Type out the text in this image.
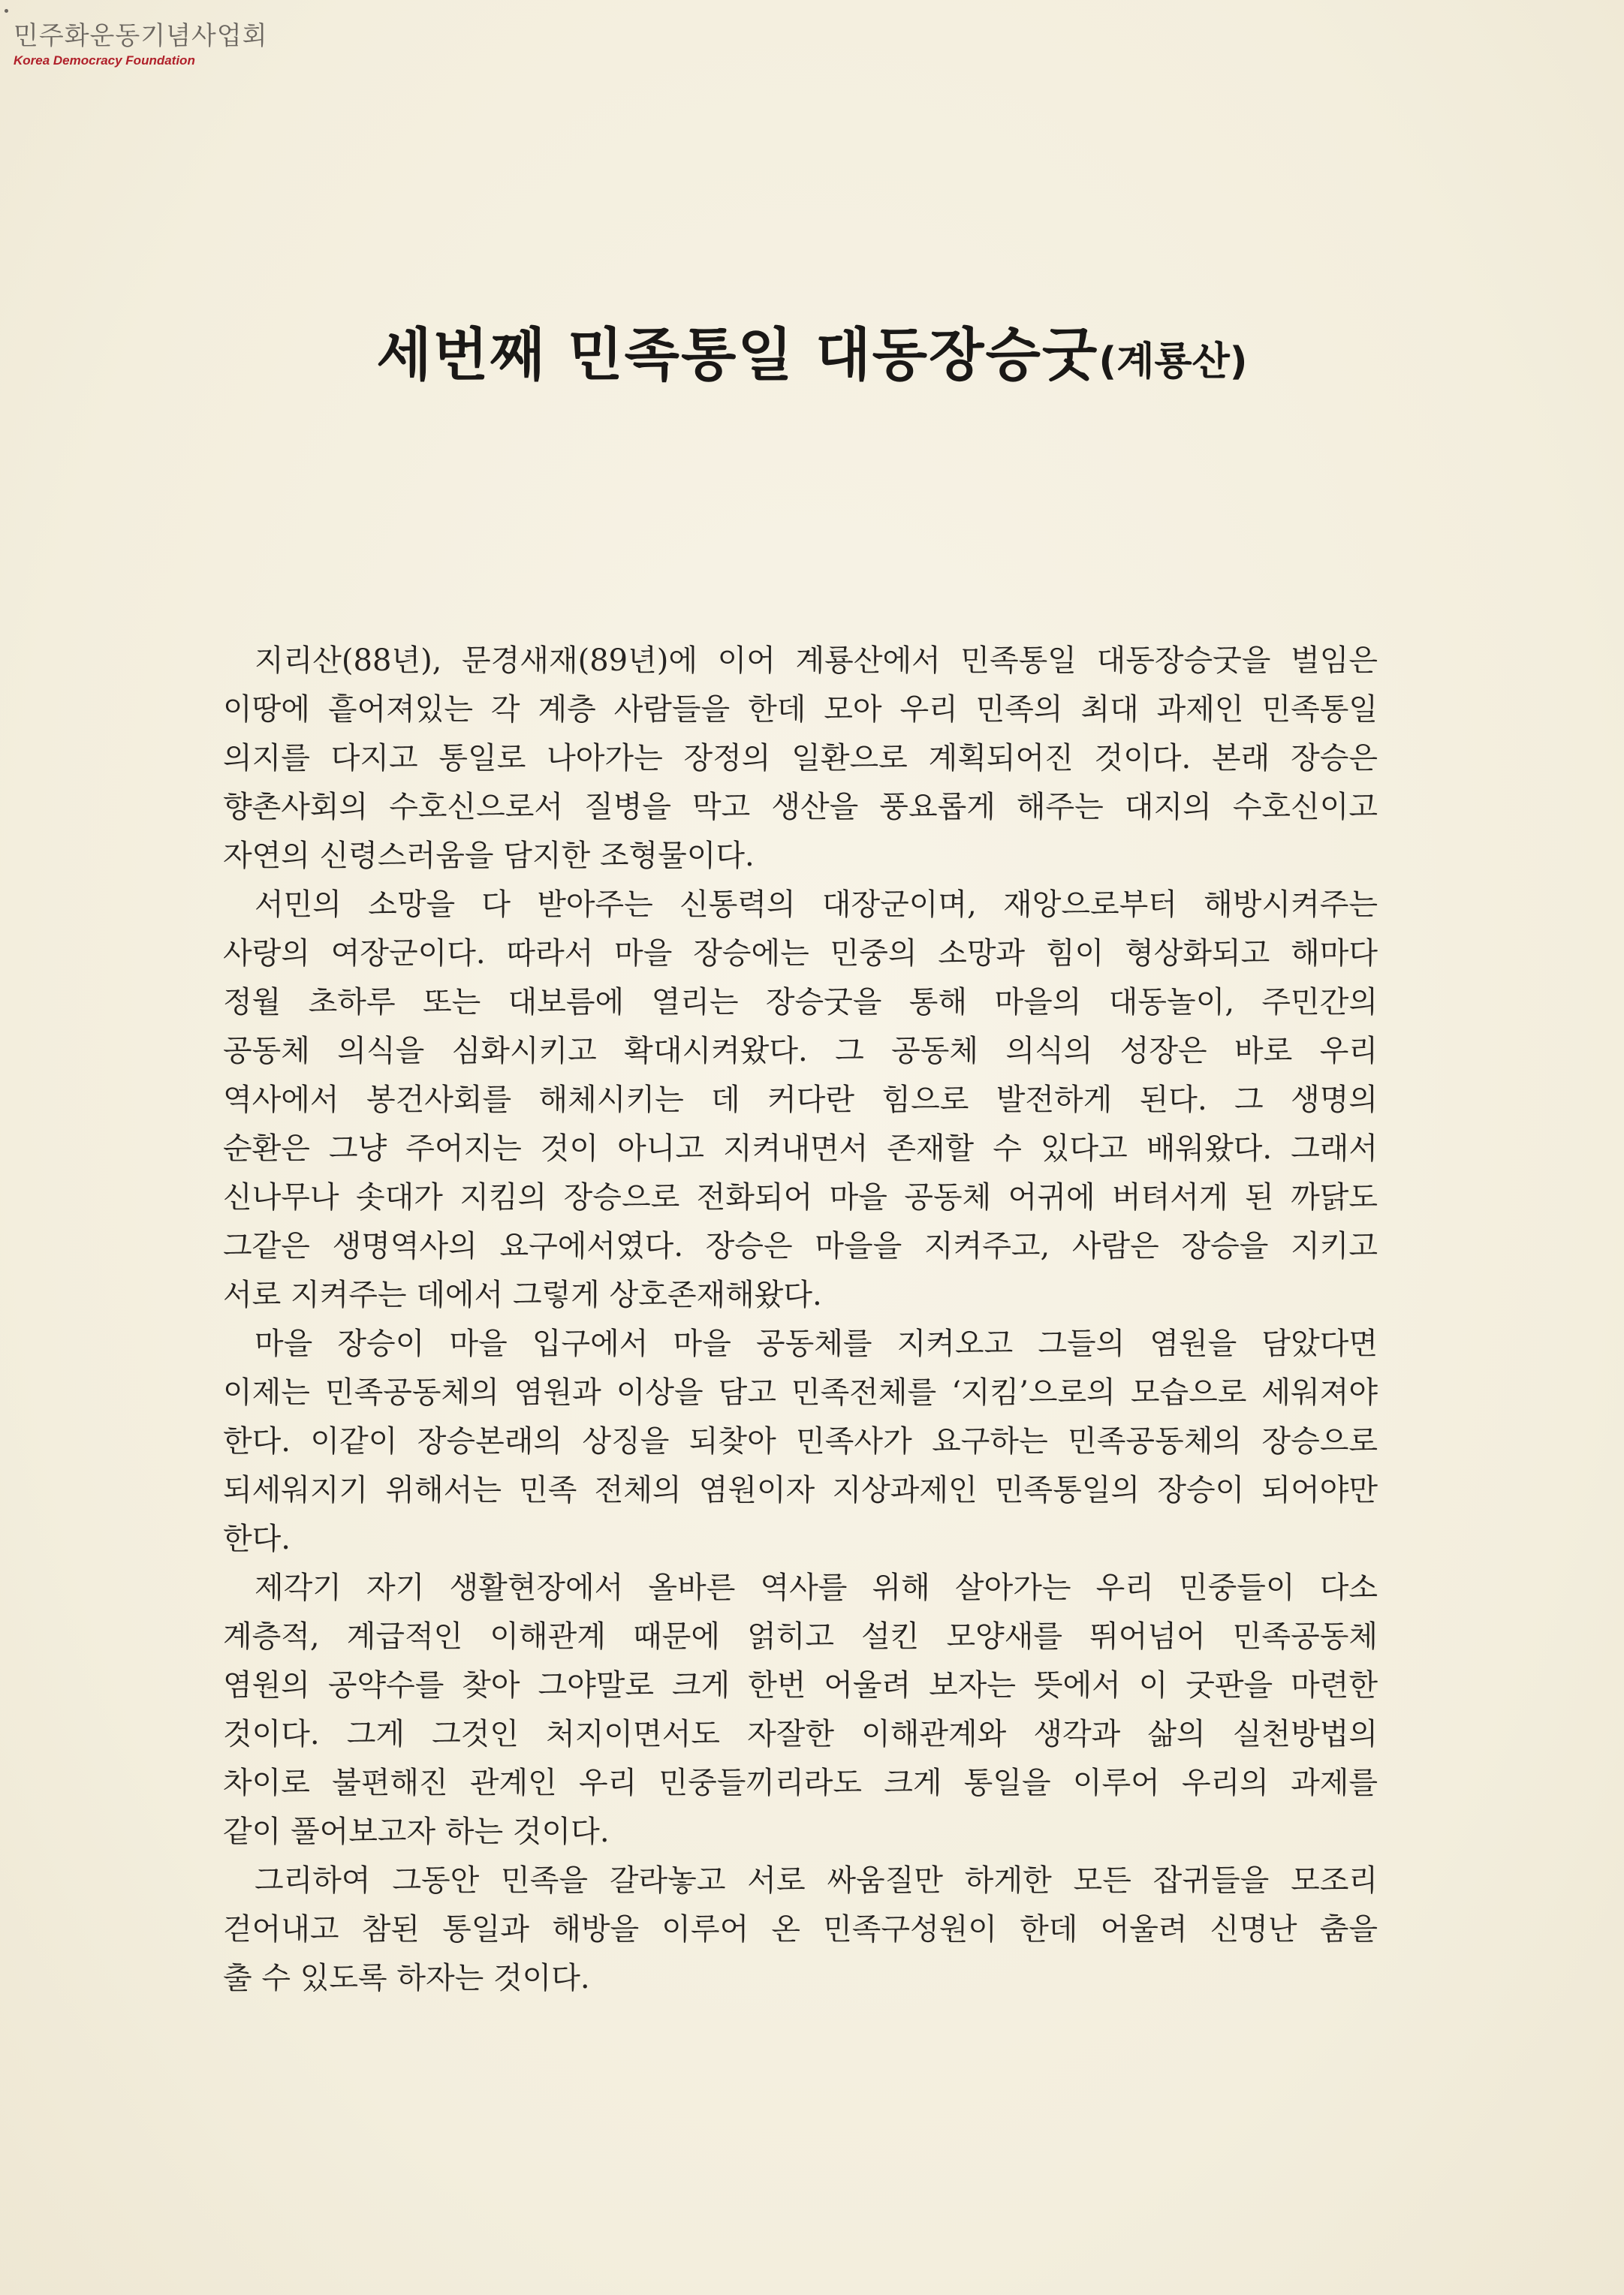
민주화운동기념사업회
Korea Democracy Foundation
세번째 민족통일 대동장승굿(계룡산)
지리산(88년), 문경새재(89년)에 이어 계룡산에서 민족통일 대동장승굿을 벌임은
이땅에 흩어져있는 각 계층 사람들을 한데 모아 우리 민족의 최대 과제인 민족통일
의지를 다지고 통일로 나아가는 장정의 일환으로 계획되어진 것이다. 본래 장승은
향촌사회의 수호신으로서 질병을 막고 생산을 풍요롭게 해주는 대지의 수호신이고
자연의 신령스러움을 담지한 조형물이다.
서민의 소망을 다 받아주는 신통력의 대장군이며, 재앙으로부터 해방시켜주는
사랑의 여장군이다. 따라서 마을 장승에는 민중의 소망과 힘이 형상화되고 해마다
정월 초하루 또는 대보름에 열리는 장승굿을 통해 마을의 대동놀이, 주민간의
공동체 의식을 심화시키고 확대시켜왔다. 그 공동체 의식의 성장은 바로 우리
역사에서 봉건사회를 해체시키는 데 커다란 힘으로 발전하게 된다. 그 생명의
순환은 그냥 주어지는 것이 아니고 지켜내면서 존재할 수 있다고 배워왔다. 그래서
신나무나 솟대가 지킴의 장승으로 전화되어 마을 공동체 어귀에 버텨서게 된 까닭도
그같은 생명역사의 요구에서였다. 장승은 마을을 지켜주고, 사람은 장승을 지키고
서로 지켜주는 데에서 그렇게 상호존재해왔다.
마을 장승이 마을 입구에서 마을 공동체를 지켜오고 그들의 염원을 담았다면
이제는 민족공동체의 염원과 이상을 담고 민족전체를 ‘지킴’으로의 모습으로 세워져야
한다. 이같이 장승본래의 상징을 되찾아 민족사가 요구하는 민족공동체의 장승으로
되세워지기 위해서는 민족 전체의 염원이자 지상과제인 민족통일의 장승이 되어야만
한다.
제각기 자기 생활현장에서 올바른 역사를 위해 살아가는 우리 민중들이 다소
계층적, 계급적인 이해관계 때문에 얽히고 설킨 모양새를 뛰어넘어 민족공동체
염원의 공약수를 찾아 그야말로 크게 한번 어울려 보자는 뜻에서 이 굿판을 마련한
것이다. 그게 그것인 처지이면서도 자잘한 이해관계와 생각과 삶의 실천방법의
차이로 불편해진 관계인 우리 민중들끼리라도 크게 통일을 이루어 우리의 과제를
같이 풀어보고자 하는 것이다.
그리하여 그동안 민족을 갈라놓고 서로 싸움질만 하게한 모든 잡귀들을 모조리
걷어내고 참된 통일과 해방을 이루어 온 민족구성원이 한데 어울려 신명난 춤을
출 수 있도록 하자는 것이다.
